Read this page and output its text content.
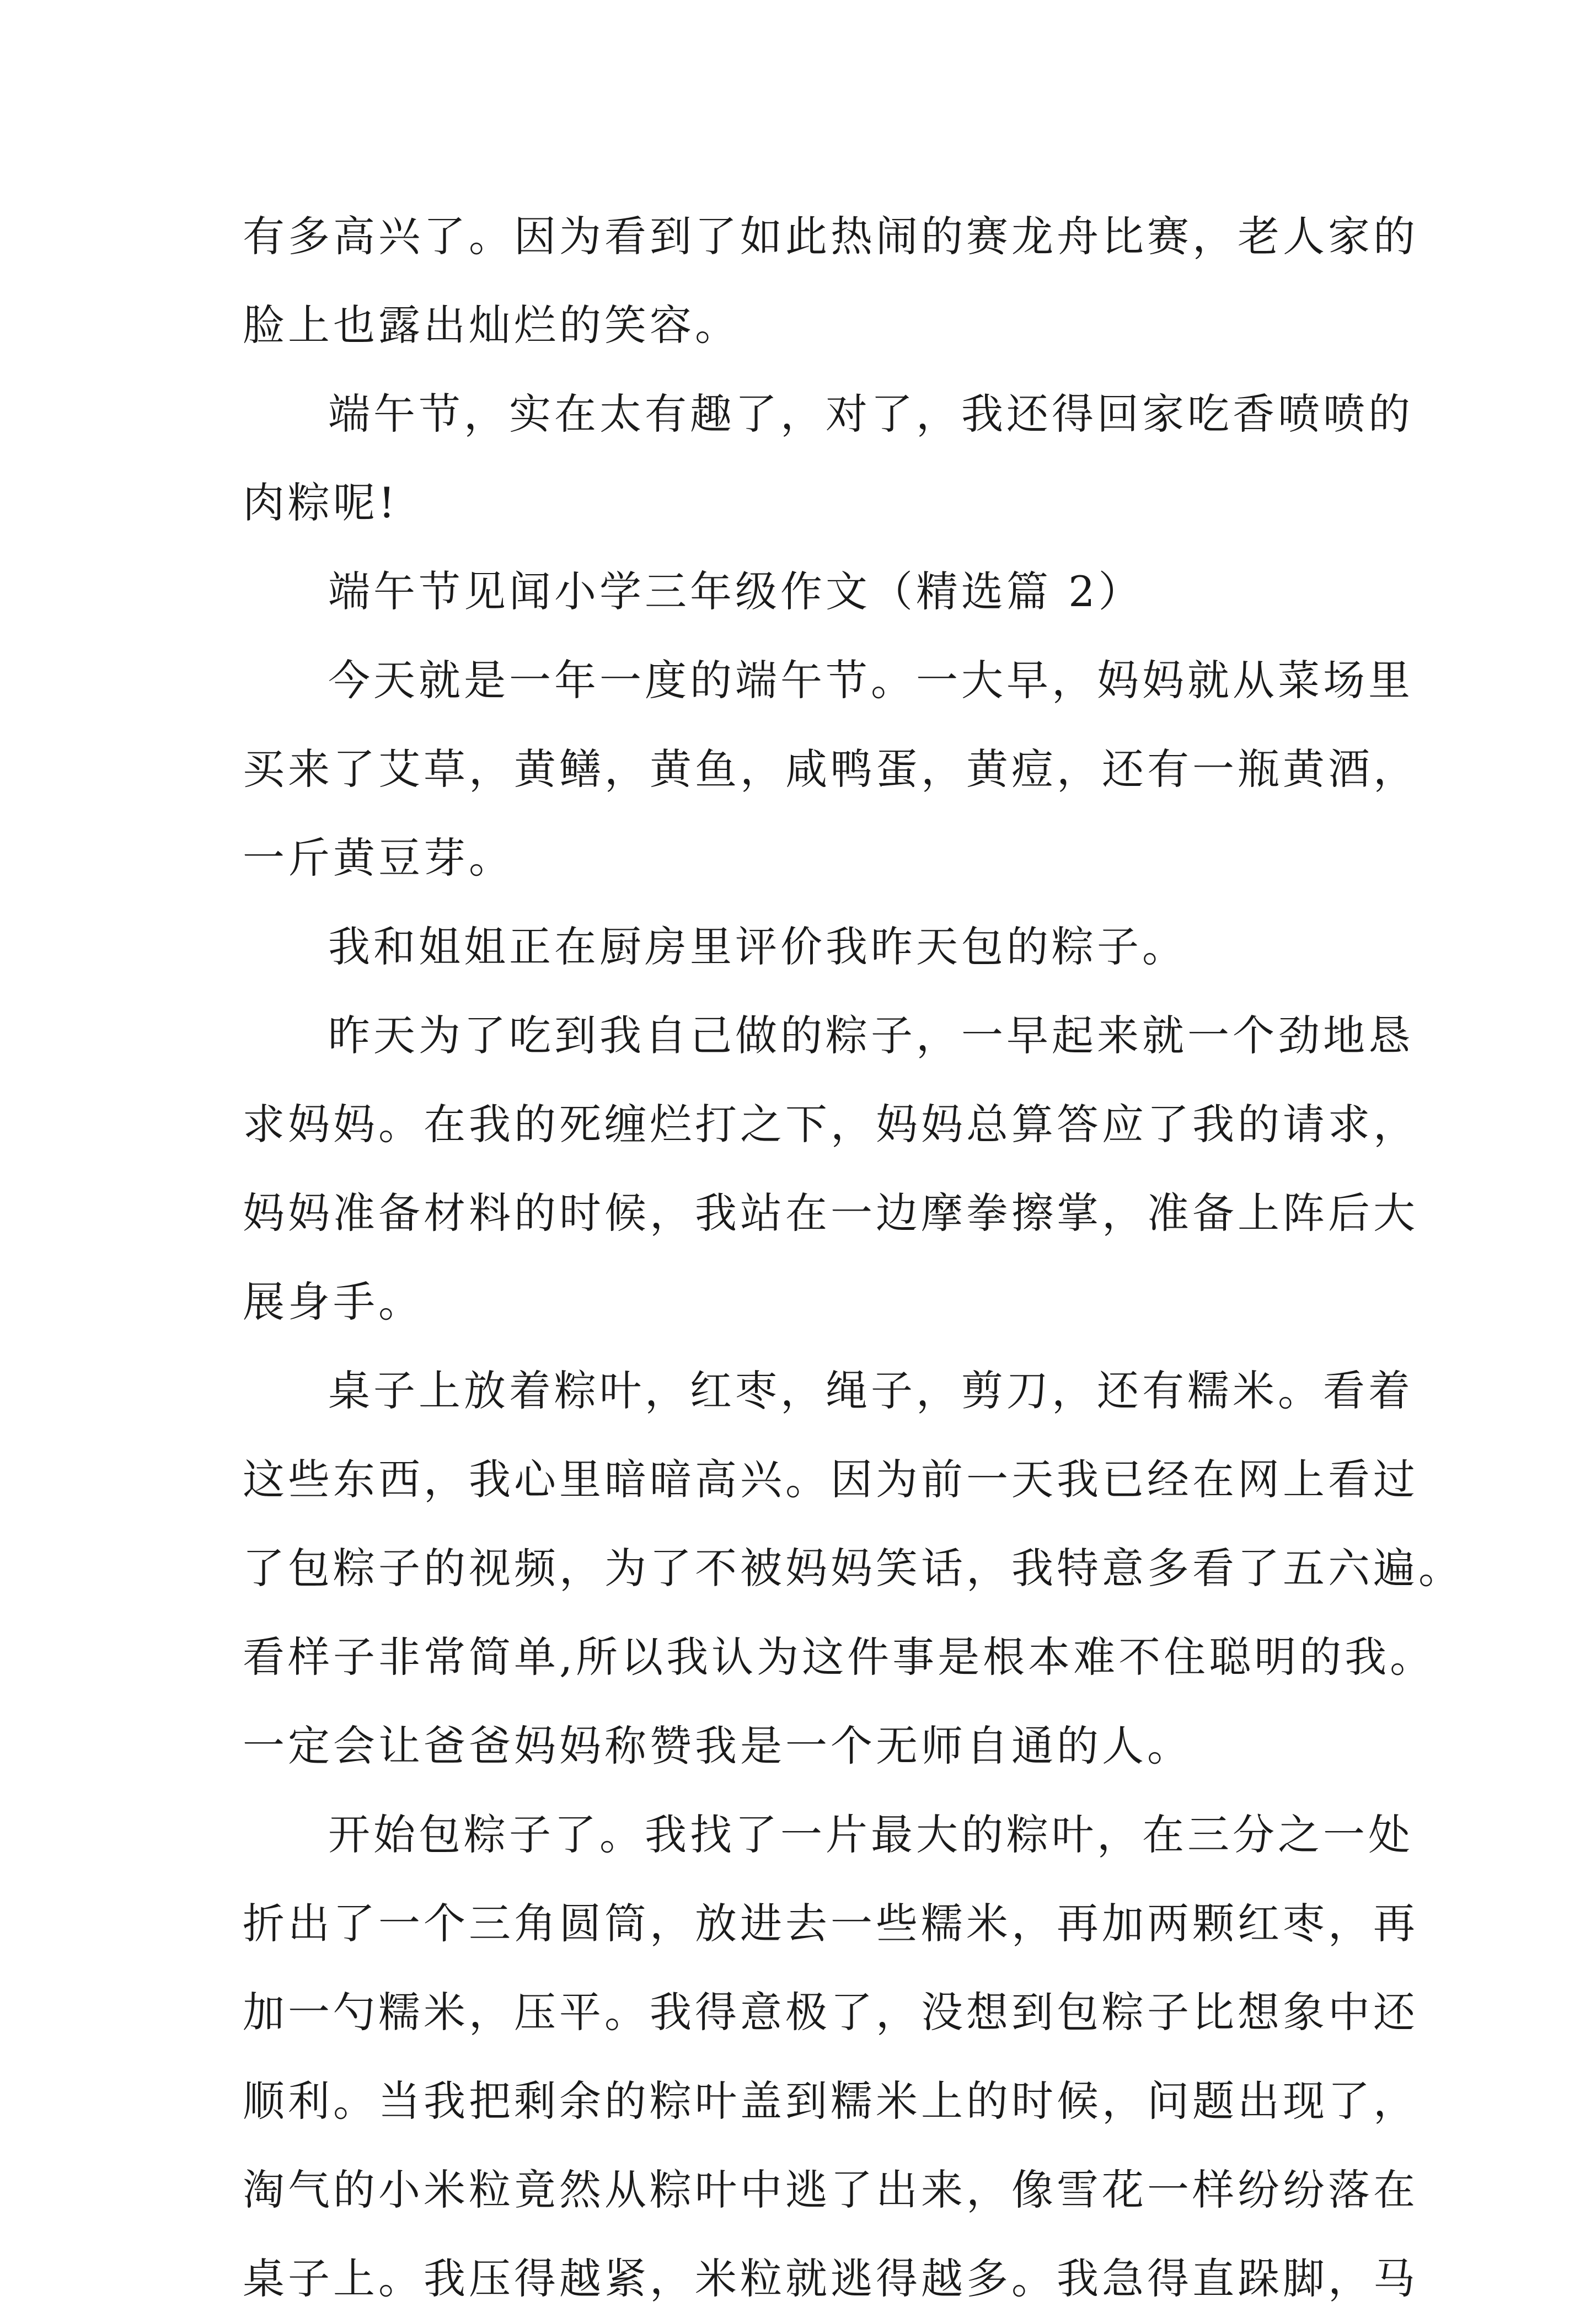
有多高兴了。因为看到了如此热闹的赛龙舟比赛，老人家的
脸上也露出灿烂的笑容。
端午节，实在太有趣了，对了，我还得回家吃香喷喷的
肉粽呢!
端午节见闻小学三年级作文（精选篇 2）
今天就是一年一度的端午节。一大早，妈妈就从菜场里
买来了艾草，黄鳝，黄鱼，咸鸭蛋，黄痘，还有一瓶黄酒，
一斤黄豆芽。
我和姐姐正在厨房里评价我昨天包的粽子。
昨天为了吃到我自己做的粽子，一早起来就一个劲地恳
求妈妈。在我的死缠烂打之下，妈妈总算答应了我的请求，
妈妈准备材料的时候，我站在一边摩拳擦掌，准备上阵后大
展身手。
桌子上放着粽叶，红枣，绳子，剪刀，还有糯米。看着
这些东西，我心里暗暗高兴。因为前一天我已经在网上看过
了包粽子的视频，为了不被妈妈笑话，我特意多看了五六遍。
看样子非常简单,所以我认为这件事是根本难不住聪明的我。
一定会让爸爸妈妈称赞我是一个无师自通的人。
开始包粽子了。我找了一片最大的粽叶，在三分之一处
折出了一个三角圆筒，放进去一些糯米，再加两颗红枣，再
加一勺糯米，压平。我得意极了，没想到包粽子比想象中还
顺利。当我把剩余的粽叶盖到糯米上的时候，问题出现了，
淘气的小米粒竟然从粽叶中逃了出来，像雪花一样纷纷落在
桌子上。我压得越紧，米粒就逃得越多。我急得直跺脚，马
